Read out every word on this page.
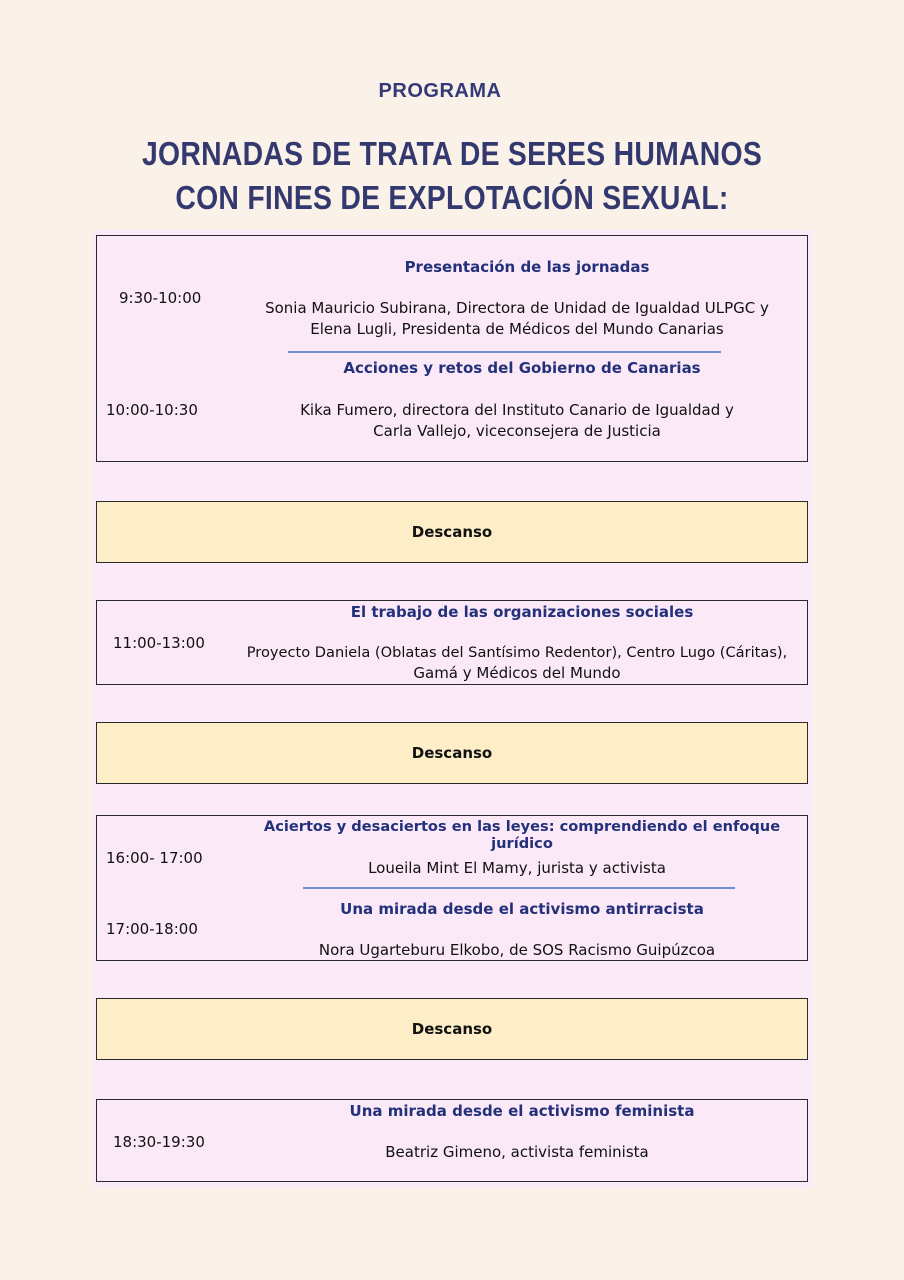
PROGRAMA
JORNADAS DE TRATA DE SERES HUMANOS CON FINES DE EXPLOTACIÓN SEXUAL:
Presentación de las jornadas
9:30-10:00
Sonia Mauricio Subirana, Directora de Unidad de Igualdad ULPGC y
Elena Lugli, Presidenta de Médicos del Mundo Canarias
Acciones y retos del Gobierno de Canarias
10:00-10:30	Kika Fumero, directora del Instituto Canario de Igualdad y
Carla Vallejo, viceconsejera de Justicia
Descanso
El trabajo de las organizaciones sociales
11:00-13:00
Proyecto Daniela (Oblatas del Santísimo Redentor), Centro Lugo (Cáritas),
Gamá y Médicos del Mundo
Descanso
Aciertos y desaciertos en las leyes: comprendiendo el enfoque jurídico
16:00- 17:00
Loueila Mint El Mamy, jurista y activista
Una mirada desde el activismo antirracista
17:00-18:00
Nora Ugarteburu Elkobo, de SOS Racismo Guipúzcoa
Descanso
Una mirada desde el activismo feminista
18:30-19:30
Beatriz Gimeno, activista feminista
